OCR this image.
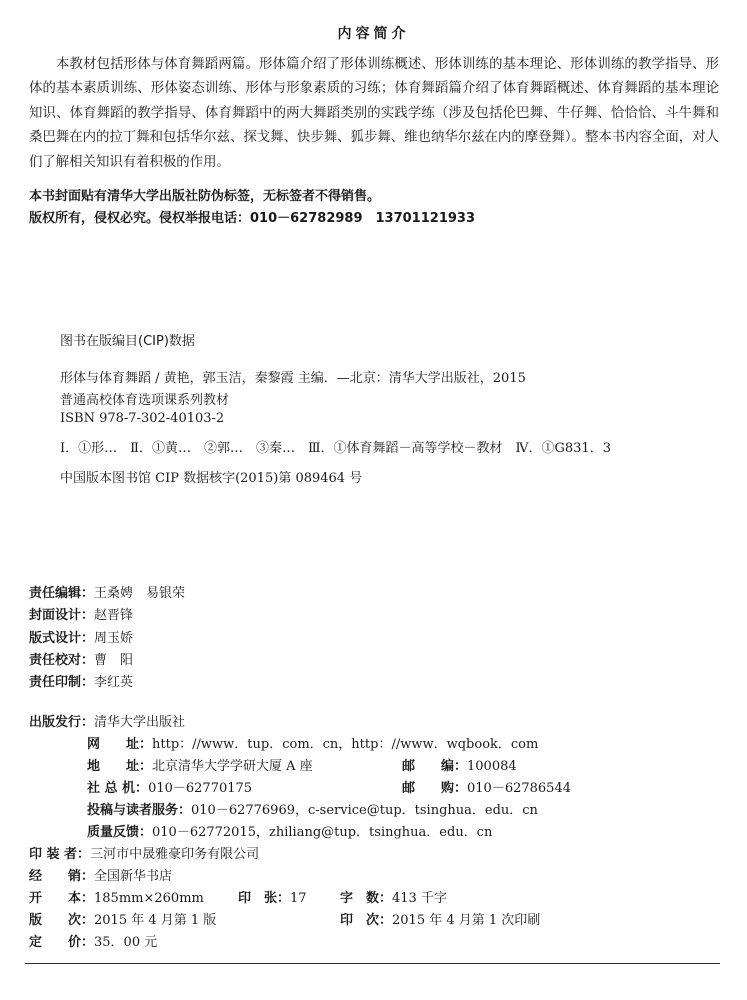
内容简介

本教材包括形体与体育舞蹈两篇。形体篇介绍了形体训练概述、形体训练的基本理论、形体训练的教学指导、形体的基本素质训练、形体姿态训练、形体与形象素质的习练；体育舞蹈篇介绍了体育舞蹈概述、体育舞蹈的基本理论知识、体育舞蹈的教学指导、体育舞蹈中的两大舞蹈类别的实践学练（涉及包括伦巴舞、牛仔舞、恰恰恰、斗牛舞和桑巴舞在内的拉丁舞和包括华尔兹、探戈舞、快步舞、狐步舞、维也纳华尔兹在内的摩登舞）。整本书内容全面，对人们了解相关知识有着积极的作用。

本书封面贴有清华大学出版社防伪标签，无标签者不得销售。
版权所有，侵权必究。侵权举报电话：010－62782989　13701121933
图书在版编目(CIP)数据
形体与体育舞蹈 / 黄艳，郭玉洁，秦黎霞 主编．—北京：清华大学出版社，2015
普通高校体育选项课系列教材
ISBN 978-7-302-40103-2
Ⅰ．①形…　Ⅱ．①黄…　②郭…　③秦…　Ⅲ．①体育舞蹈－高等学校－教材　Ⅳ．①G831．3
中国版本图书馆 CIP 数据核字(2015)第 089464 号
责任编辑：王桑娉　易银荣
封面设计：赵晋锋
版式设计：周玉娇
责任校对：曹　阳
责任印制：李红英
出版发行：清华大学出版社
网　　址：http：//www．tup．com．cn，http：//www．wqbook．com
地　　址：北京清华大学学研大厦 A 座	邮　　编：100084
社 总 机：010－62770175	邮　　购：010－62786544
投稿与读者服务：010－62776969，c-service@tup．tsinghua．edu．cn
质量反馈：010－62772015，zhiliang@tup．tsinghua．edu．cn
印 装 者：三河市中晟雅豪印务有限公司
经　　销：全国新华书店
开　　本：185mm×260mm	印　张：17	字　数：413 千字
版　　次：2015 年 4 月第 1 版	印　次：2015 年 4 月第 1 次印刷
定　　价：35．00 元
